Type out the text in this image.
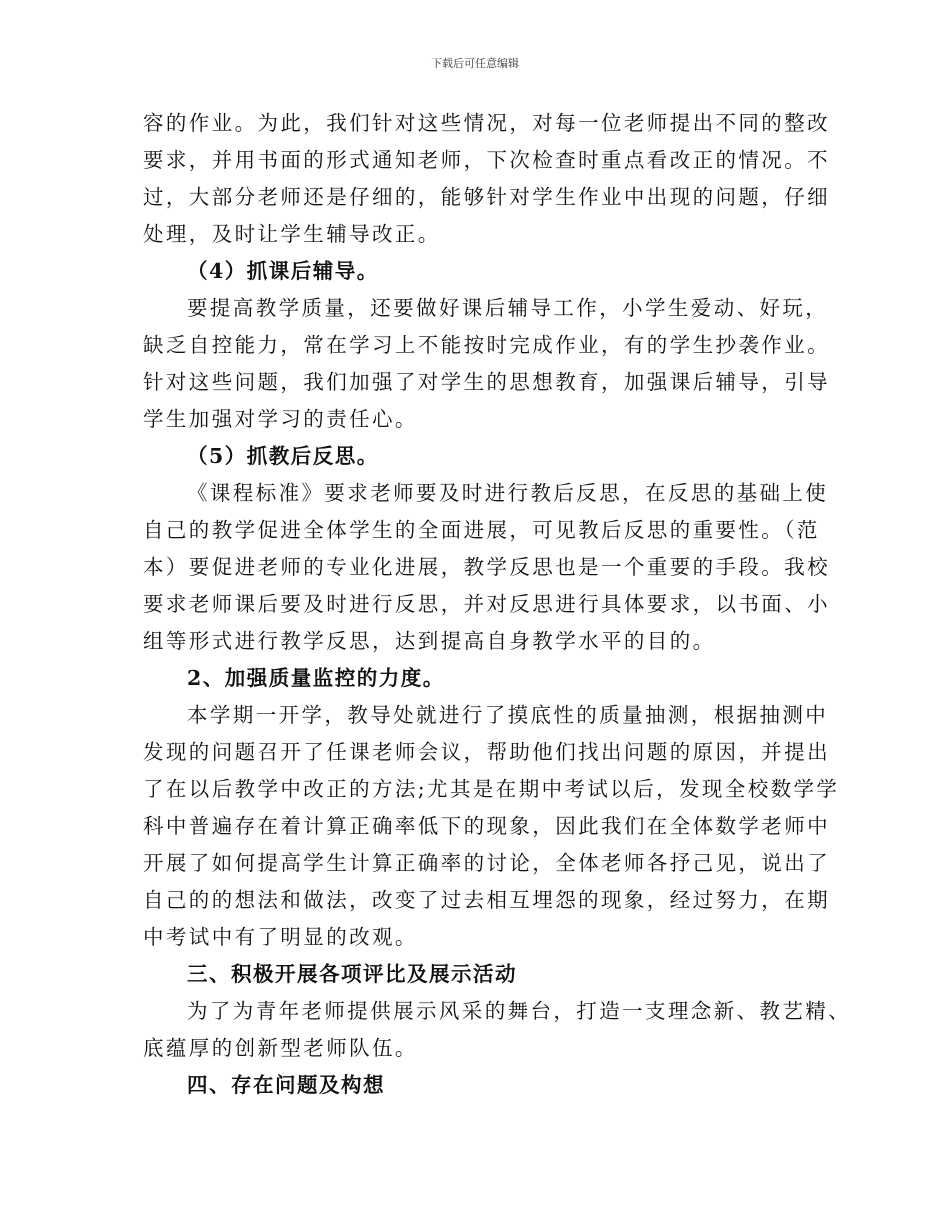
下载后可任意编辑
容的作业。为此，我们针对这些情况，对每一位老师提出不同的整改
要求，并用书面的形式通知老师，下次检查时重点看改正的情况。不
过，大部分老师还是仔细的，能够针对学生作业中出现的问题，仔细
处理，及时让学生辅导改正。
（4）抓课后辅导。
要提高教学质量，还要做好课后辅导工作，小学生爱动、好玩，
缺乏自控能力，常在学习上不能按时完成作业，有的学生抄袭作业。
针对这些问题，我们加强了对学生的思想教育，加强课后辅导，引导
学生加强对学习的责任心。
（5）抓教后反思。
《课程标准》要求老师要及时进行教后反思，在反思的基础上使
自己的教学促进全体学生的全面进展，可见教后反思的重要性。（范
本）要促进老师的专业化进展，教学反思也是一个重要的手段。我校
要求老师课后要及时进行反思，并对反思进行具体要求，以书面、小
组等形式进行教学反思，达到提高自身教学水平的目的。
2、加强质量监控的力度。
本学期一开学，教导处就进行了摸底性的质量抽测，根据抽测中
发现的问题召开了任课老师会议，帮助他们找出问题的原因，并提出
了在以后教学中改正的方法;尤其是在期中考试以后，发现全校数学学
科中普遍存在着计算正确率低下的现象，因此我们在全体数学老师中
开展了如何提高学生计算正确率的讨论，全体老师各抒己见，说出了
自己的的想法和做法，改变了过去相互埋怨的现象，经过努力，在期
中考试中有了明显的改观。
三、积极开展各项评比及展示活动
为了为青年老师提供展示风采的舞台，打造一支理念新、教艺精、
底蕴厚的创新型老师队伍。
四、存在问题及构想
